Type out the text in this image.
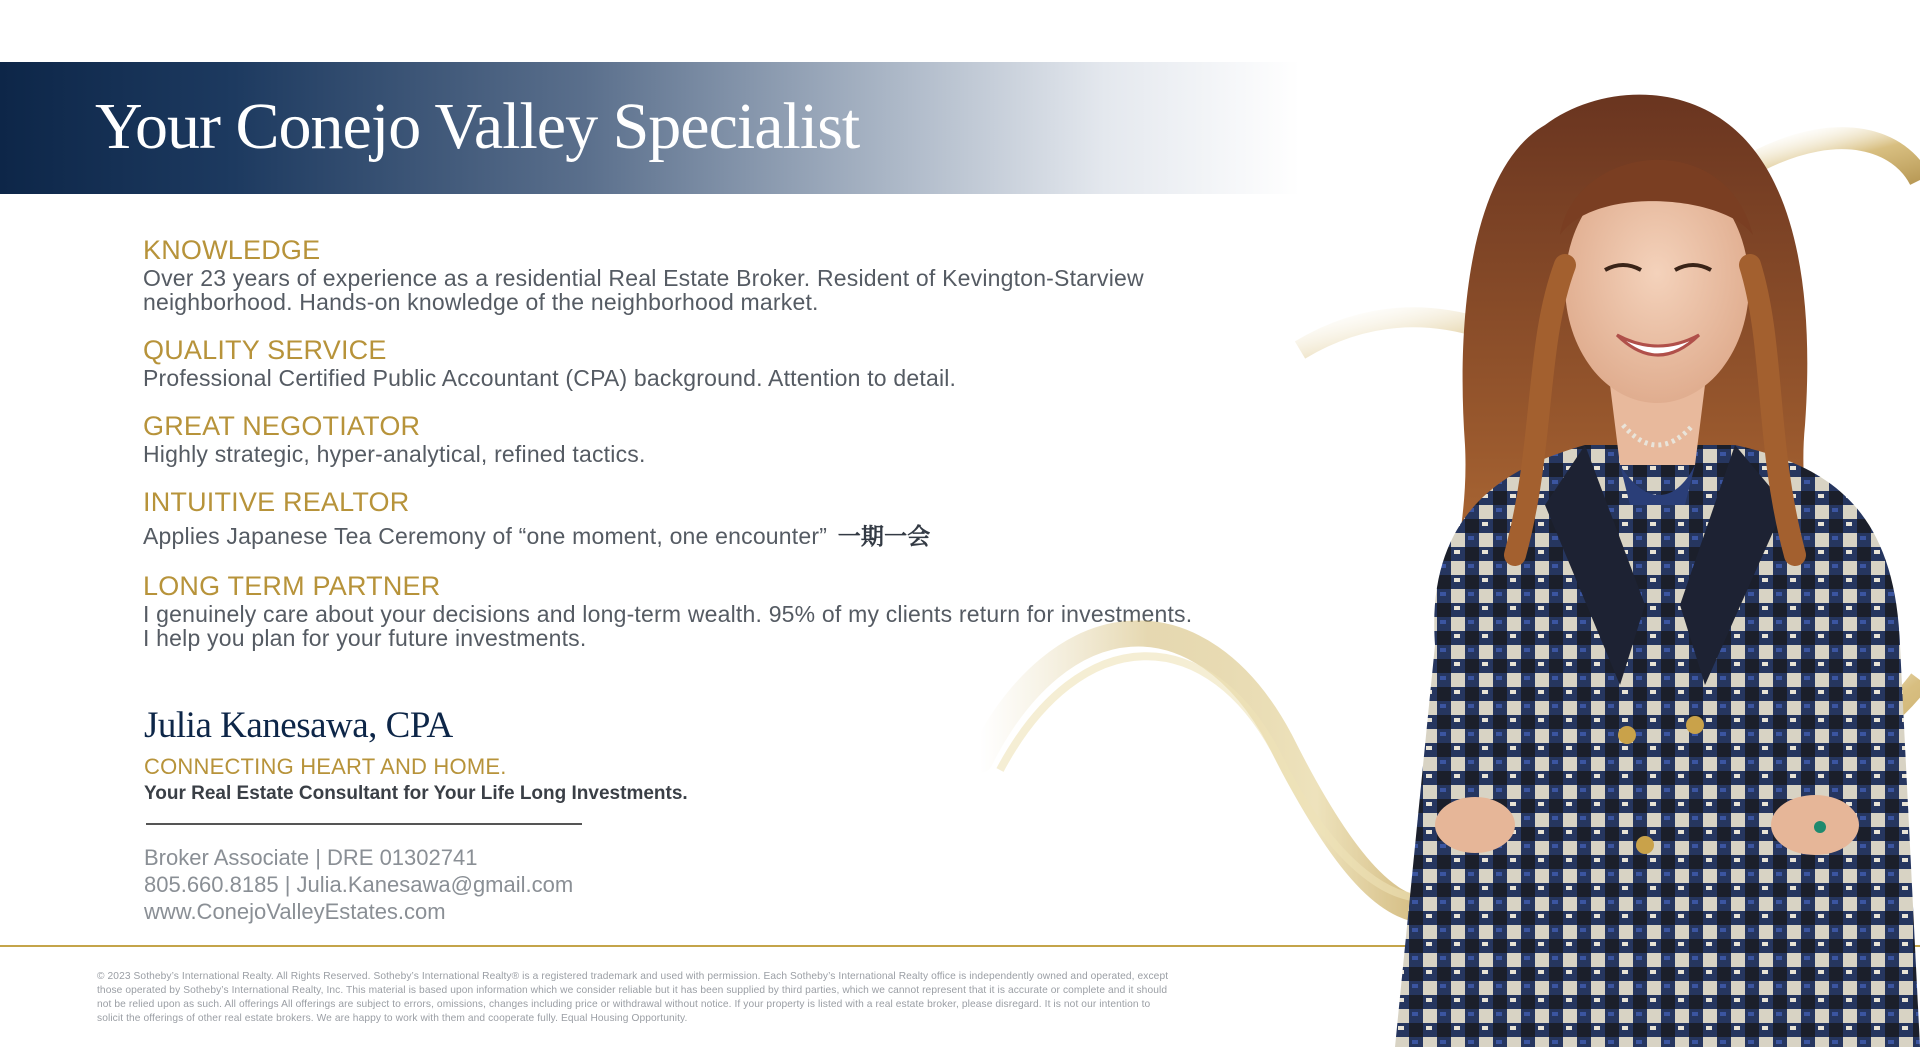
Your Conejo Valley Specialist
KNOWLEDGE
Over 23 years of experience as a residential Real Estate Broker. Resident of Kevington-Starview neighborhood. Hands-on knowledge of the neighborhood market.
QUALITY SERVICE
Professional Certified Public Accountant (CPA) background. Attention to detail.
GREAT NEGOTIATOR
Highly strategic, hyper-analytical, refined tactics.
INTUITIVE REALTOR
Applies Japanese Tea Ceremony of “one moment, one encounter” 一期一会
LONG TERM PARTNER
I genuinely care about your decisions and long-term wealth. 95% of my clients return for investments.
I help you plan for your future investments.
Julia Kanesawa, CPA
CONNECTING HEART AND HOME.
Your Real Estate Consultant for Your Life Long Investments.
Broker Associate | DRE 01302741
805.660.8185 | Julia.Kanesawa@gmail.com
www.ConejoValleyEstates.com
© 2023 Sotheby’s International Realty. All Rights Reserved. Sotheby’s International Realty® is a registered trademark and used with permission. Each Sotheby’s International Realty office is independently owned and operated, except those operated by Sotheby’s International Realty, Inc. This material is based upon information which we consider reliable but it has been supplied by third parties, which we cannot represent that it is accurate or complete and it should not be relied upon as such. All offerings All offerings are subject to errors, omissions, changes including price or withdrawal without notice. If your property is listed with a real estate broker, please disregard. It is not our intention to solicit the offerings of other real estate brokers. We are happy to work with them and cooperate fully. Equal Housing Opportunity.
